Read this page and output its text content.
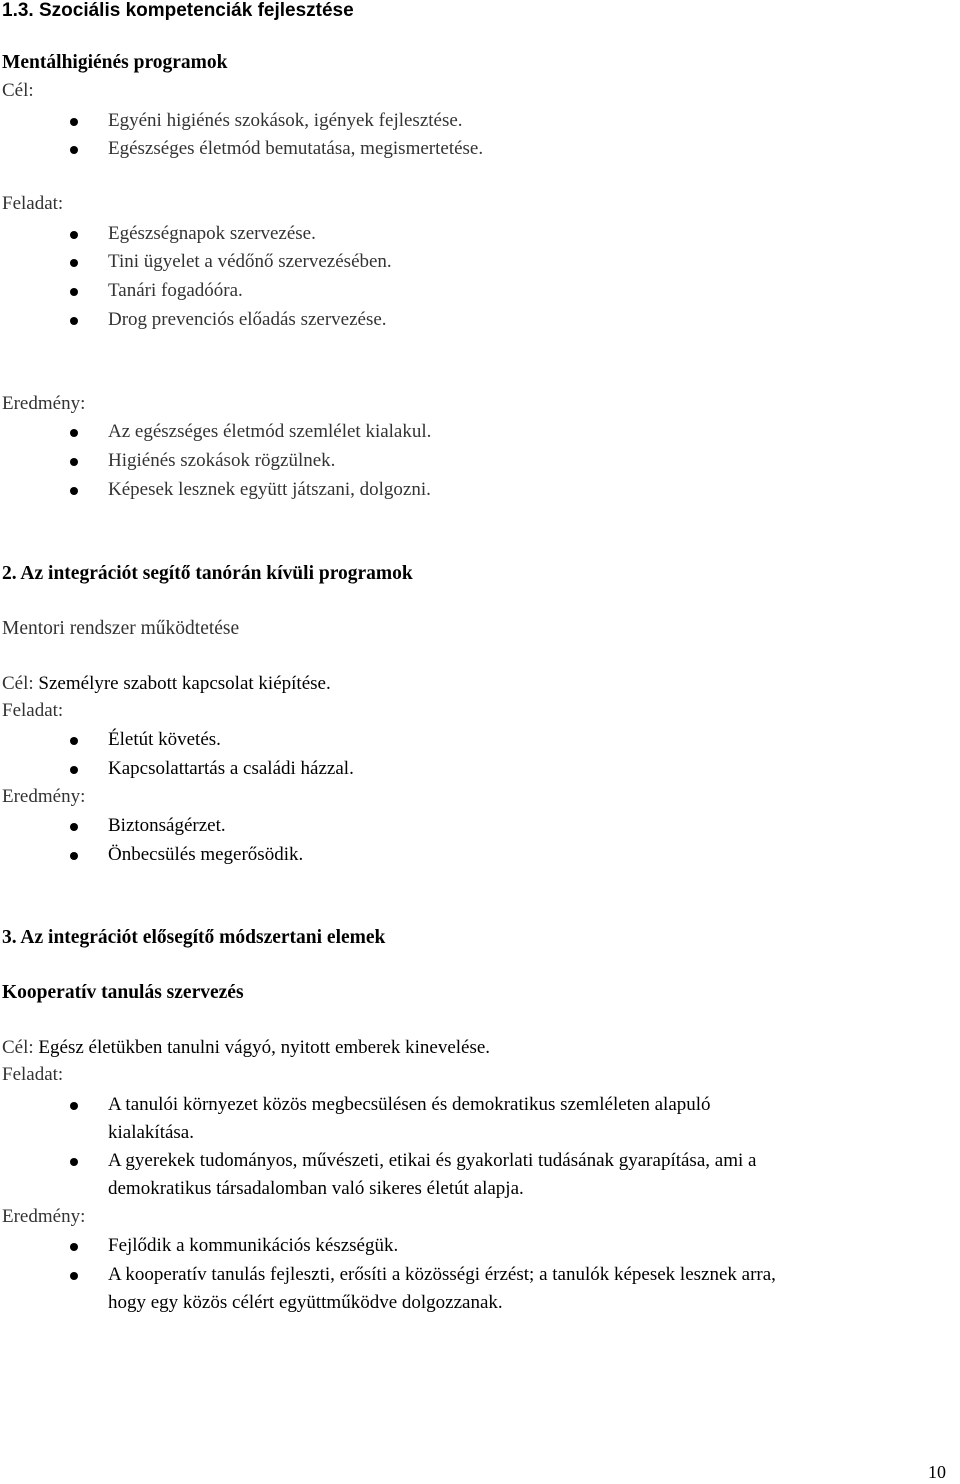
1.3. Szociális kompetenciák fejlesztése
Mentálhigiénés programok
Cél:
Egyéni higiénés szokások, igények fejlesztése.
Egészséges életmód bemutatása, megismertetése.
Feladat:
Egészségnapok szervezése.
Tini ügyelet a védőnő szervezésében.
Tanári fogadóóra.
Drog prevenciós előadás szervezése.
Eredmény:
Az egészséges életmód szemlélet kialakul.
Higiénés szokások rögzülnek.
Képesek lesznek együtt játszani, dolgozni.
2. Az integrációt segítő tanórán kívüli programok
Mentori rendszer működtetése
Cél: Személyre szabott kapcsolat kiépítése.
Feladat:
Életút követés.
Kapcsolattartás a családi házzal.
Eredmény:
Biztonságérzet.
Önbecsülés megerősödik.
3. Az integrációt elősegítő módszertani elemek
Kooperatív tanulás szervezés
Cél: Egész életükben tanulni vágyó, nyitott emberek kinevelése.
Feladat:
A tanulói környezet közös megbecsülésen és demokratikus szemléleten alapuló
kialakítása.
A gyerekek tudományos, művészeti, etikai és gyakorlati tudásának gyarapítása, ami a
demokratikus társadalomban való sikeres életút alapja.
Eredmény:
Fejlődik a kommunikációs készségük.
A kooperatív tanulás fejleszti, erősíti a közösségi érzést; a tanulók képesek lesznek arra,
hogy egy közös célért együttműködve dolgozzanak.
10
